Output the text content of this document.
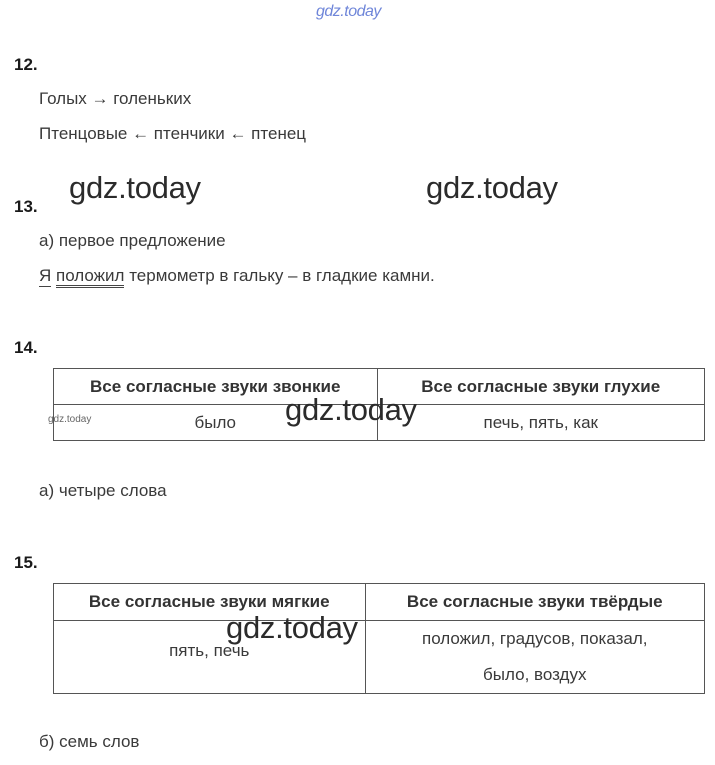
gdz.today
12.
Голых → голеньких
Птенцовые ← птенчики ← птенец
gdz.today	gdz.today
13.
а) первое предложение
Я положил термометр в гальку – в гладкие камни.
14.
Все согласные звуки звонкие	Все согласные звуки глухие
было	печь, пять, как
gdz.today	gdz.today
а) четыре слова
15.
Все согласные звуки мягкие	Все согласные звуки твёрдые
пять, печь	положил, градусов, показал,
было, воздух
gdz.today
б) семь слов
